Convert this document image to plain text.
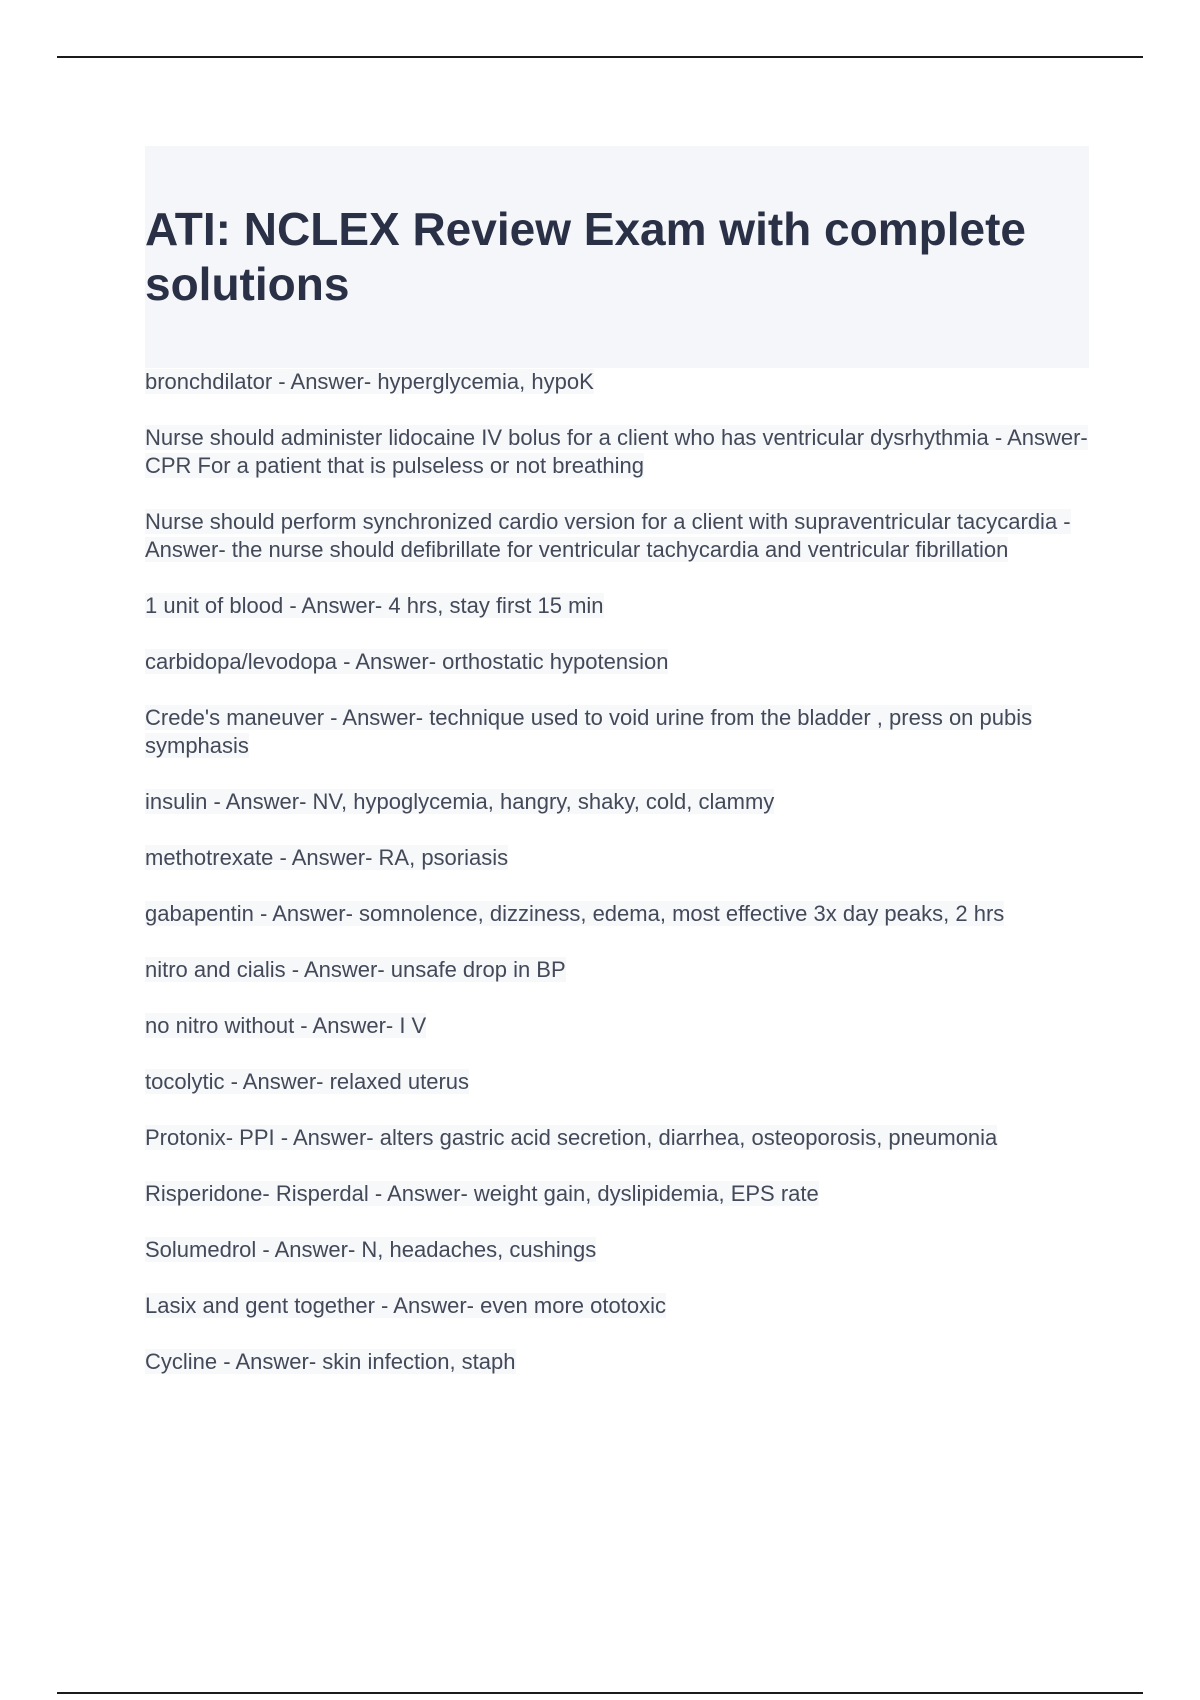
ATI: NCLEX Review Exam with complete solutions
bronchdilator - Answer- hyperglycemia, hypoK
Nurse should administer lidocaine IV bolus for a client who has ventricular dysrhythmia - Answer- CPR For a patient that is pulseless or not breathing
Nurse should perform synchronized cardio version for a client with supraventricular tacycardia - Answer- the nurse should defibrillate for ventricular tachycardia and ventricular fibrillation
1 unit of blood - Answer- 4 hrs, stay first 15 min
carbidopa/levodopa - Answer- orthostatic hypotension
Crede's maneuver - Answer- technique used to void urine from the bladder , press on pubis symphasis
insulin - Answer- NV, hypoglycemia, hangry, shaky, cold, clammy
methotrexate - Answer- RA, psoriasis
gabapentin - Answer- somnolence, dizziness, edema, most effective 3x day peaks, 2 hrs
nitro and cialis - Answer- unsafe drop in BP
no nitro without - Answer- I V
tocolytic - Answer- relaxed uterus
Protonix- PPI - Answer- alters gastric acid secretion, diarrhea, osteoporosis, pneumonia
Risperidone- Risperdal - Answer- weight gain, dyslipidemia, EPS rate
Solumedrol - Answer- N, headaches, cushings
Lasix and gent together - Answer- even more ototoxic
Cycline - Answer- skin infection, staph
